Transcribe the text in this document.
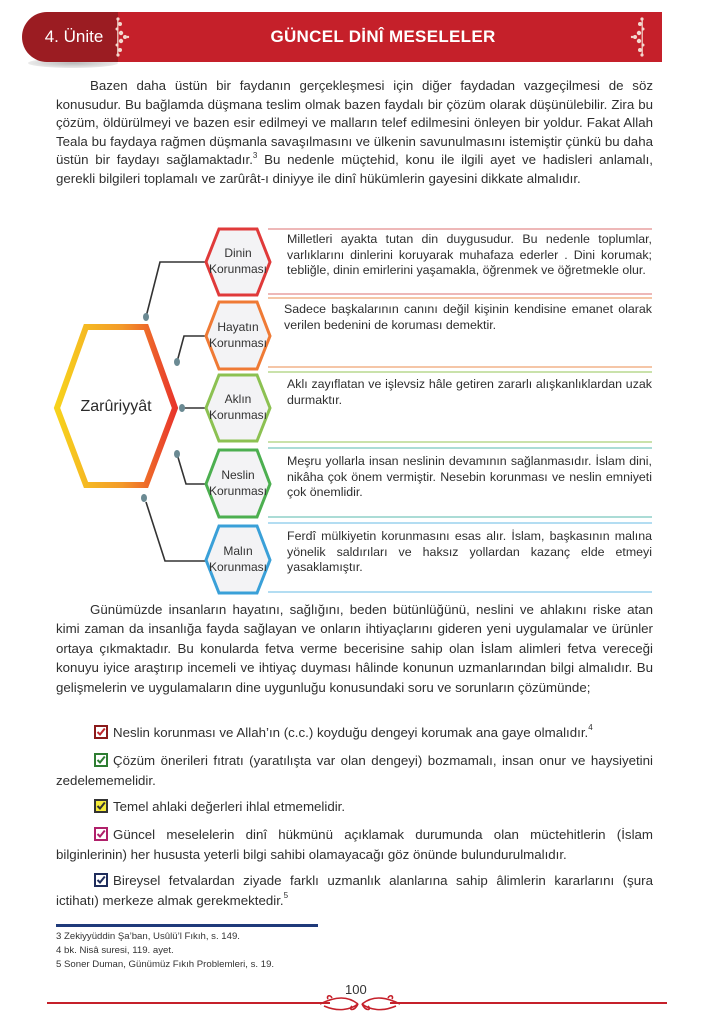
4. Ünite	GÜNCEL DİNÎ MESELELER
Bazen daha üstün bir faydanın gerçekleşmesi için diğer faydadan vazgeçilmesi de söz konusudur. Bu bağlamda düşmana teslim olmak bazen faydalı bir çözüm olarak düşünülebilir. Zira bu çözüm, öldürülmeyi ve bazen esir edilmeyi ve malların telef edilmesini önleyen bir yoldur. Fakat Allah Teala bu faydaya rağmen düşmanla savaşılmasını ve ülkenin savunulmasını istemiştir çünkü bu daha üstün bir faydayı sağlamaktadır.$^3$ Bu nedenle müçtehid, konu ile ilgili ayet ve hadisleri anlamalı, gerekli bilgileri toplamalı ve zarûrât-ı diniyye ile dinî hükümlerin gayesini dikkate almalıdır.
Zarûriyyât
Dinin
Korunması
Hayatın
Korunması
Aklın
Korunması
Neslin
Korunması
Malın
Korunması
Milletleri ayakta tutan din duygusudur. Bu nedenle toplumlar, varlıklarını dinlerini koruyarak muhafaza ederler . Dini korumak; tebliğle, dinin emirlerini yaşamakla, öğrenmek ve öğretmekle olur.
Sadece başkalarının canını değil kişinin kendisine emanet olarak verilen bedenini de koruması demektir.
Aklı zayıflatan ve işlevsiz hâle getiren zararlı alışkanlıklardan uzak durmaktır.
Meşru yollarla insan neslinin devamının sağlanmasıdır. İslam dini, nikâha çok önem vermiştir. Nesebin korunması ve neslin emniyeti çok önemlidir.
Ferdî mülkiyetin korunmasını esas alır. İslam, başkasının malına yönelik saldırıları ve haksız yollardan kazanç elde etmeyi yasaklamıştır.
Günümüzde insanların hayatını, sağlığını, beden bütünlüğünü, neslini ve ahlakını riske atan kimi zaman da insanlığa fayda sağlayan ve onların ihtiyaçlarını gideren yeni uygulamalar ve ürünler ortaya çıkmaktadır. Bu konularda fetva verme becerisine sahip olan İslam alimleri fetva vereceği konuyu iyice araştırıp incemeli ve ihtiyaç duyması hâlinde konunun uzmanlarından bilgi almalıdır. Bu gelişmelerin ve uygulamaların dine uygunluğu konusundaki soru ve sorunların çözümünde;
Neslin korunması ve Allah’ın (c.c.) koyduğu dengeyi korumak ana gaye olmalıdır.$^4$
Çözüm önerileri fıtratı (yaratılışta var olan dengeyi) bozmamalı, insan onur ve haysiyetini zedelememelidir.
Temel ahlaki değerleri ihlal etmemelidir.
Güncel meselelerin dinî hükmünü açıklamak durumunda olan müctehitlerin (İslam bilginlerinin) her hususta yeterli bilgi sahibi olamayacağı göz önünde bulundurulmalıdır.
Bireysel fetvalardan ziyade farklı uzmanlık alanlarına sahip âlimlerin kararlarını (şura ictihatı) merkeze almak gerekmektedir.$^5$
3 Zekiyyüddin Şa’ban, Usûlü’l Fıkıh, s. 149.
4 bk. Nisâ suresi, 119. ayet.
5 Soner Duman, Günümüz Fıkıh Problemleri, s. 19.
100
